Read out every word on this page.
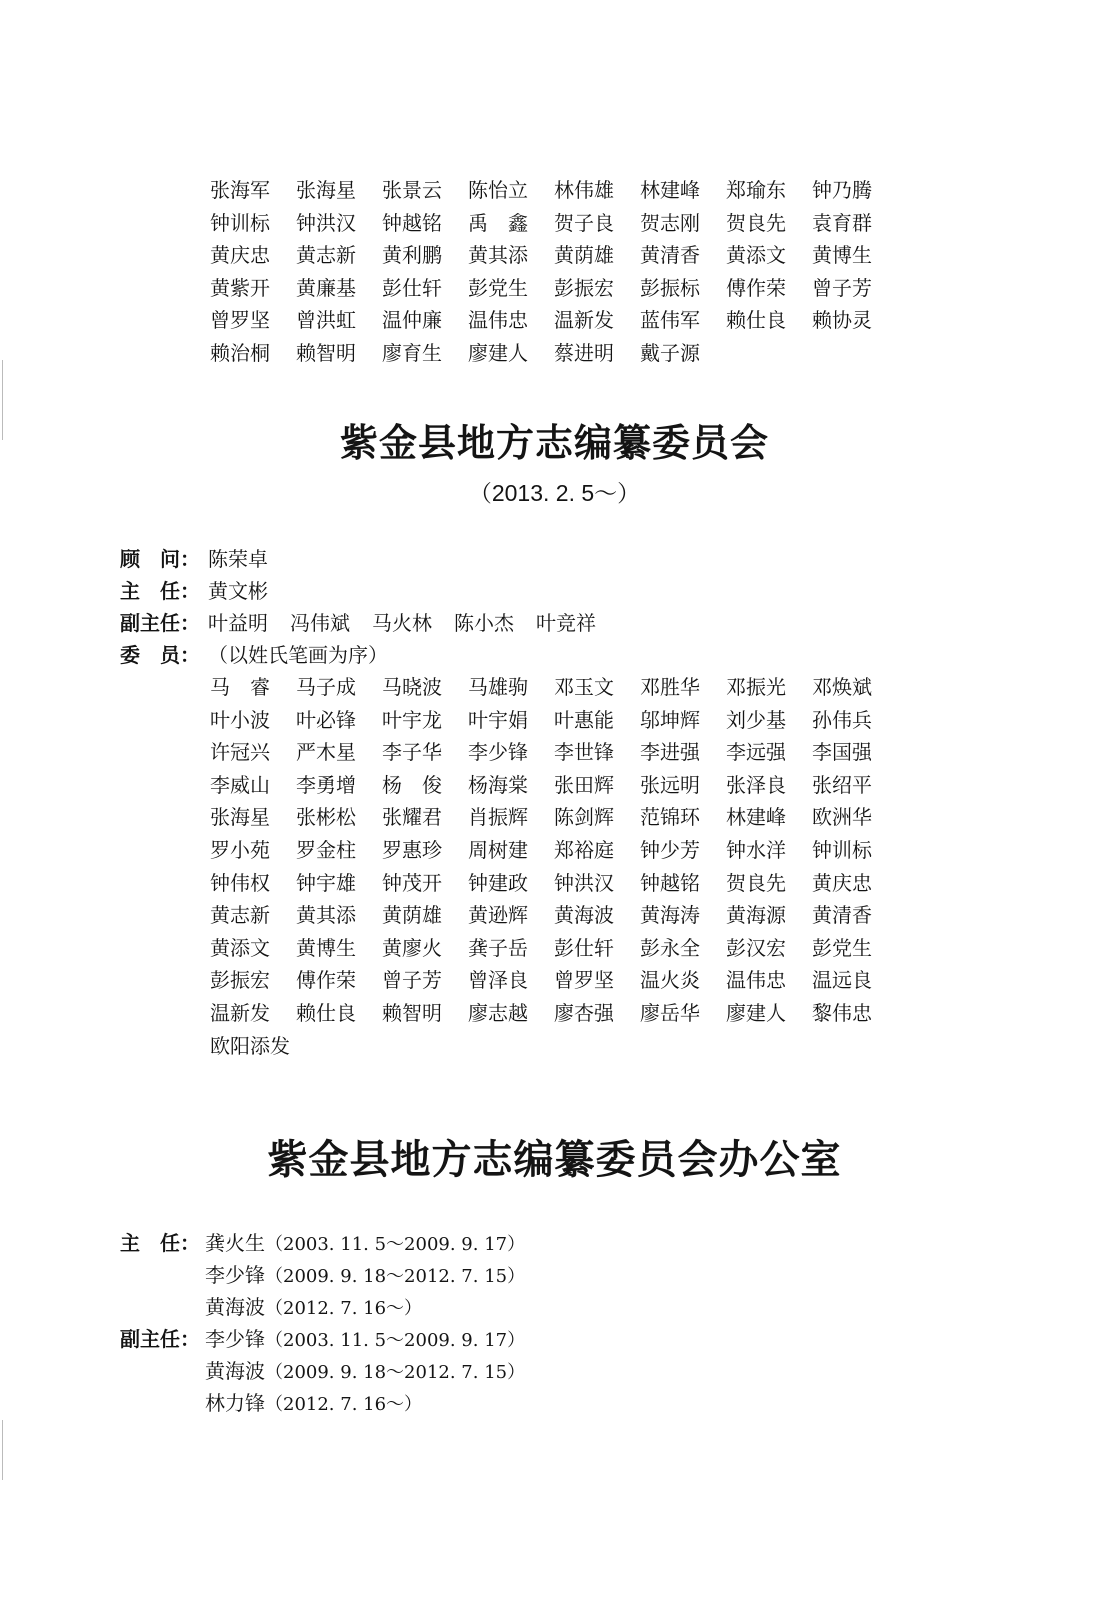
张海军	张海星	张景云	陈怡立	林伟雄	林建峰	郑瑜东	钟乃腾
钟训标	钟洪汉	钟越铭	禹　鑫	贺子良	贺志刚	贺良先	袁育群
黄庆忠	黄志新	黄利鹏	黄其添	黄荫雄	黄清香	黄添文	黄博生
黄紫开	黄廉基	彭仕轩	彭党生	彭振宏	彭振标	傅作荣	曾子芳
曾罗坚	曾洪虹	温仲廉	温伟忠	温新发	蓝伟军	赖仕良	赖协灵
赖治桐	赖智明	廖育生	廖建人	蔡进明	戴子源
紫金县地方志编纂委员会
（2013. 2. 5～）
顾　问： 陈荣卓
主　任： 黄文彬
副主任： 叶益明 冯伟斌 马火林 陈小杰 叶竞祥
委　员： （以姓氏笔画为序）
马　睿	马子成	马晓波	马雄驹	邓玉文	邓胜华	邓振光	邓焕斌
叶小波	叶必锋	叶宇龙	叶宇娟	叶惠能	邬坤辉	刘少基	孙伟兵
许冠兴	严木星	李子华	李少锋	李世锋	李进强	李远强	李国强
李威山	李勇增	杨　俊	杨海棠	张田辉	张远明	张泽良	张绍平
张海星	张彬松	张耀君	肖振辉	陈剑辉	范锦环	林建峰	欧洲华
罗小苑	罗金柱	罗惠珍	周树建	郑裕庭	钟少芳	钟水洋	钟训标
钟伟权	钟宇雄	钟茂开	钟建政	钟洪汉	钟越铭	贺良先	黄庆忠
黄志新	黄其添	黄荫雄	黄逊辉	黄海波	黄海涛	黄海源	黄清香
黄添文	黄博生	黄廖火	龚子岳	彭仕轩	彭永全	彭汉宏	彭党生
彭振宏	傅作荣	曾子芳	曾泽良	曾罗坚	温火炎	温伟忠	温远良
温新发	赖仕良	赖智明	廖志越	廖杏强	廖岳华	廖建人	黎伟忠
欧阳添发
紫金县地方志编纂委员会办公室
主　任： 龚火生（2003. 11. 5～2009. 9. 17）
李少锋（2009. 9. 18～2012. 7. 15）
黄海波（2012. 7. 16～）
副主任： 李少锋（2003. 11. 5～2009. 9. 17）
黄海波（2009. 9. 18～2012. 7. 15）
林力锋（2012. 7. 16～）
